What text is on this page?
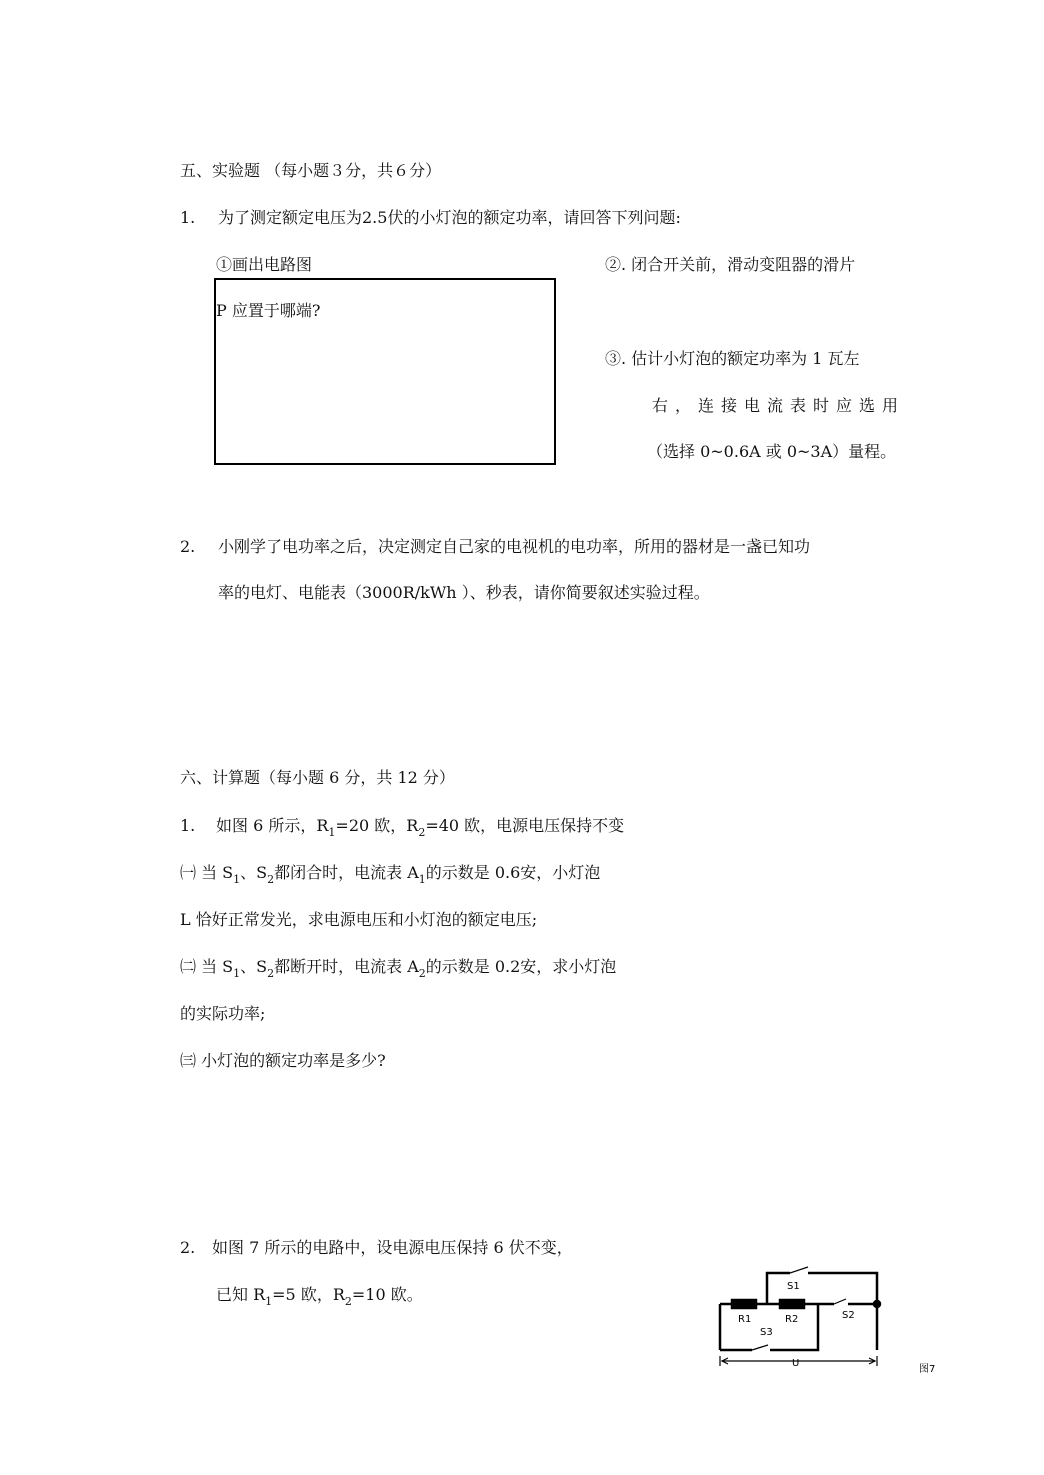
五、实验题 （每小题３分，共６分）
1. 为了测定额定电压为2.5伏的小灯泡的额定功率，请回答下列问题:
①画出电路图
P 应置于哪端?
②. 闭合开关前，滑动变阻器的滑片
③. 估计小灯泡的额定功率为 1 瓦左
右，连接电流表时应选用
（选择 0~0.6A 或 0~3A）量程。
2. 小刚学了电功率之后，决定测定自己家的电视机的电功率，所用的器材是一盏已知功
率的电灯、电能表（3000R/kWh ）、秒表，请你简要叙述实验过程。
六、计算题（每小题 6 分，共 12 分）
1. 如图 6 所示，$R_1=20$ 欧，$R_2=40$ 欧，电源电压保持不变
㈠ 当 $S_1$、$S_2$都闭合时，电流表 $A_1$的示数是 0.6安，小灯泡
L 恰好正常发光，求电源电压和小灯泡的额定电压;
㈡ 当 $S_1$、$S_2$都断开时，电流表 $A_2$的示数是 0.2安，求小灯泡
的实际功率;
㈢ 小灯泡的额定功率是多少?
2. 如图 7 所示的电路中，设电源电压保持 6 伏不变，
已知 $R_1=5$ 欧，$R_2=10$ 欧。	S1
R1	R2	S2
S3
U
图7
